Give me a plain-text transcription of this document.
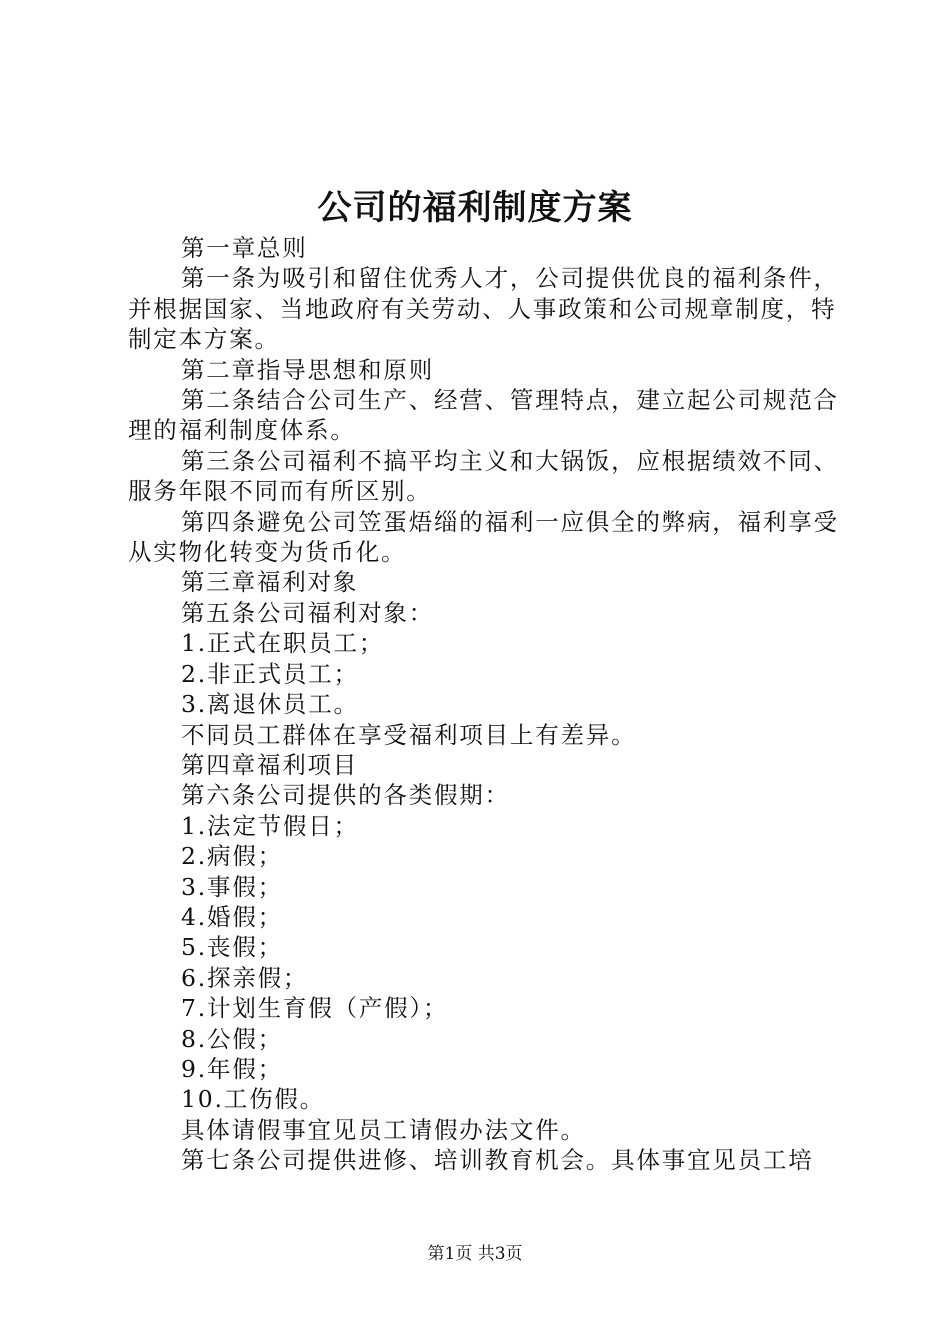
公司的福利制度方案

第一章总则

第一条为吸引和留住优秀人才，公司提供优良的福利条件，并根据国家、当地政府有关劳动、人事政策和公司规章制度，特制定本方案。

第二章指导思想和原则

第二条结合公司生产、经营、管理特点，建立起公司规范合理的福利制度体系。

第三条公司福利不搞平均主义和大锅饭，应根据绩效不同、服务年限不同而有所区别。

第四条避免公司笠蛋焐缁的福利一应俱全的弊病，福利享受从实物化转变为货币化。

第三章福利对象

第五条公司福利对象：

1.正式在职员工；

2.非正式员工；

3.离退休员工。

不同员工群体在享受福利项目上有差异。

第四章福利项目

第六条公司提供的各类假期：

1.法定节假日；

2.病假；

3.事假；

4.婚假；

5.丧假；

6.探亲假；

7.计划生育假（产假）；

8.公假；

9.年假；

10.工伤假。

具体请假事宜见员工请假办法文件。

第七条公司提供进修、培训教育机会。具体事宜见员工培

第1页 共3页
